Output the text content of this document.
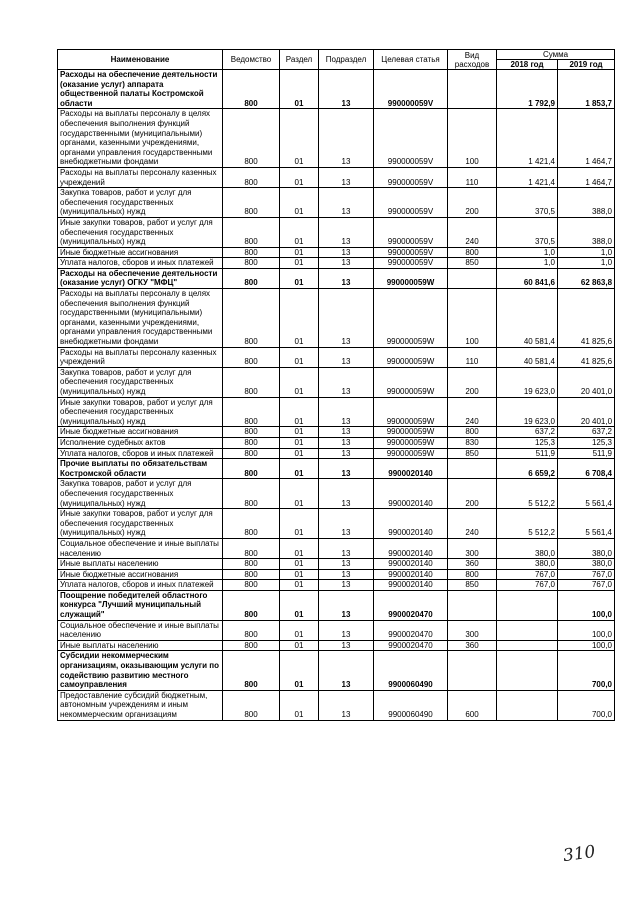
Наименование	Ведомство	Раздел	Подраздел	Целевая статья	Вид расходов	Сумма	
						2018 год	2019 год
Расходы на обеспечение деятельности (оказание услуг) аппарата общественной палаты Костромской области	800	01	13	990000059V		1 792,9	1 853,7
Расходы на выплаты персоналу в целях обеспечения выполнения функций государственными (муниципальными) органами, казенными учреждениями, органами управления государственными внебюджетными фондами	800	01	13	990000059V	100	1 421,4	1 464,7
Расходы на выплаты персоналу казенных учреждений	800	01	13	990000059V	110	1 421,4	1 464,7
Закупка товаров, работ и услуг для обеспечения государственных (муниципальных) нужд	800	01	13	990000059V	200	370,5	388,0
Иные закупки товаров, работ и услуг для обеспечения государственных (муниципальных) нужд	800	01	13	990000059V	240	370,5	388,0
Иные бюджетные ассигнования	800	01	13	990000059V	800	1,0	1,0
Уплата налогов, сборов и иных платежей	800	01	13	990000059V	850	1,0	1,0
Расходы на обеспечение деятельности (оказание услуг) ОГКУ "МФЦ"	800	01	13	990000059W		60 841,6	62 863,8
Расходы на выплаты персоналу в целях обеспечения выполнения функций государственными (муниципальными) органами, казенными учреждениями, органами управления государственными внебюджетными фондами	800	01	13	990000059W	100	40 581,4	41 825,6
Расходы на выплаты персоналу казенных учреждений	800	01	13	990000059W	110	40 581,4	41 825,6
Закупка товаров, работ и услуг для обеспечения государственных (муниципальных) нужд	800	01	13	990000059W	200	19 623,0	20 401,0
Иные закупки товаров, работ и услуг для обеспечения государственных (муниципальных) нужд	800	01	13	990000059W	240	19 623,0	20 401,0
Иные бюджетные ассигнования	800	01	13	990000059W	800	637,2	637,2
Исполнение судебных актов	800	01	13	990000059W	830	125,3	125,3
Уплата налогов, сборов и иных платежей	800	01	13	990000059W	850	511,9	511,9
Прочие выплаты по обязательствам Костромской области	800	01	13	9900020140		6 659,2	6 708,4
Закупка товаров, работ и услуг для обеспечения государственных (муниципальных) нужд	800	01	13	9900020140	200	5 512,2	5 561,4
Иные закупки товаров, работ и услуг для обеспечения государственных (муниципальных) нужд	800	01	13	9900020140	240	5 512,2	5 561,4
Социальное обеспечение и иные выплаты населению	800	01	13	9900020140	300	380,0	380,0
Иные выплаты населению	800	01	13	9900020140	360	380,0	380,0
Иные бюджетные ассигнования	800	01	13	9900020140	800	767,0	767,0
Уплата налогов, сборов и иных платежей	800	01	13	9900020140	850	767,0	767,0
Поощрение победителей областного конкурса "Лучший муниципальный служащий"	800	01	13	9900020470			100,0
Социальное обеспечение и иные выплаты населению	800	01	13	9900020470	300		100,0
Иные выплаты населению	800	01	13	9900020470	360		100,0
Субсидии некоммерческим организациям, оказывающим услуги по содействию развитию местного самоуправления	800	01	13	9900060490			700,0
Предоставление субсидий бюджетным, автономным учреждениям и иным некоммерческим организациям	800	01	13	9900060490	600		700,0
310
